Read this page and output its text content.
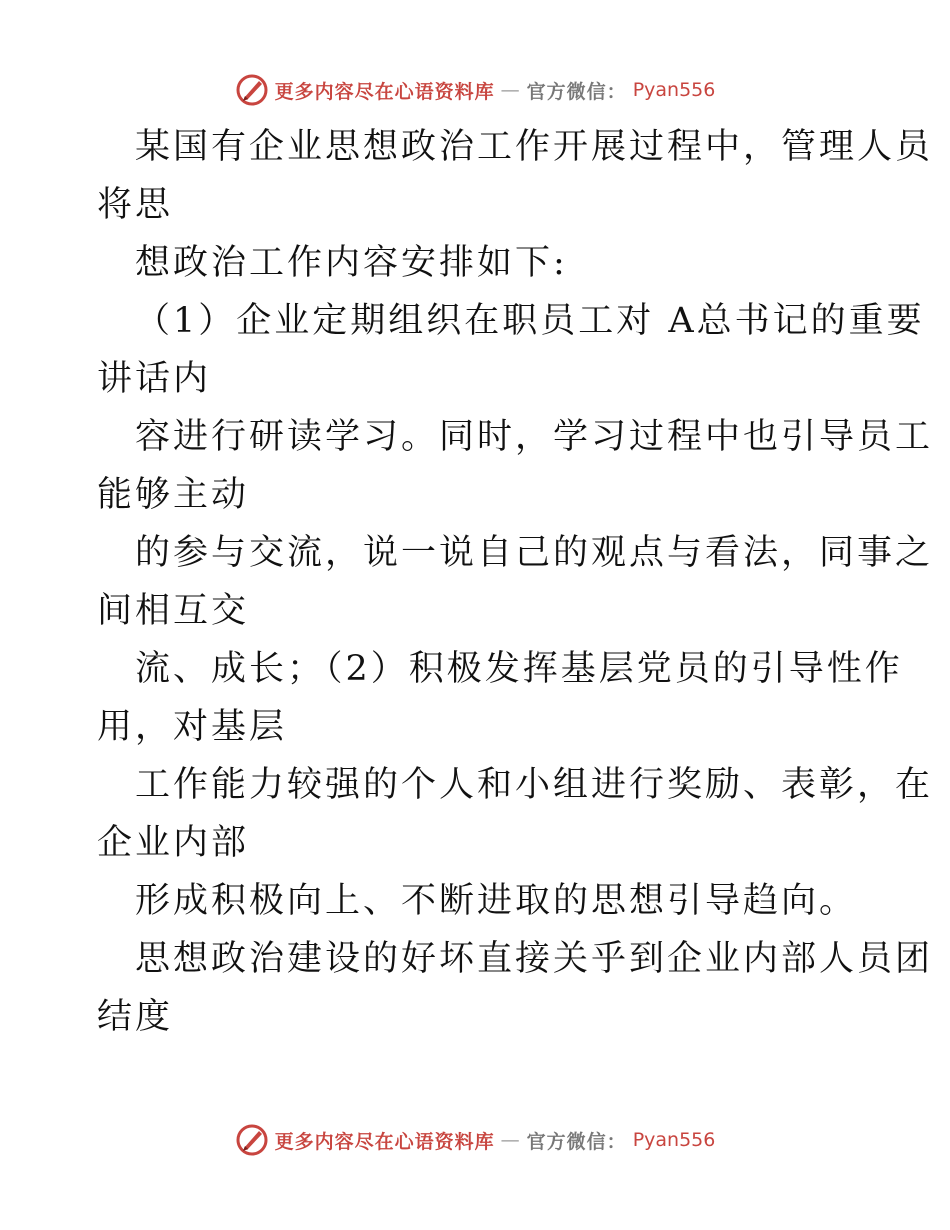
更多内容尽在心语资料库 — 官方微信： Pyan556
某国有企业思想政治工作开展过程中，管理人员
将思
想政治工作内容安排如下:
（1）企业定期组织在职员工对 A总书记的重要
讲话内
容进行研读学习。同时，学习过程中也引导员工
能够主动
的参与交流，说一说自己的观点与看法，同事之
间相互交
流、成长；（2）积极发挥基层党员的引导性作
用，对基层
工作能力较强的个人和小组进行奖励、表彰，在
企业内部
形成积极向上、不断进取的思想引导趋向。
思想政治建设的好坏直接关乎到企业内部人员团
结度
更多内容尽在心语资料库 — 官方微信： Pyan556
